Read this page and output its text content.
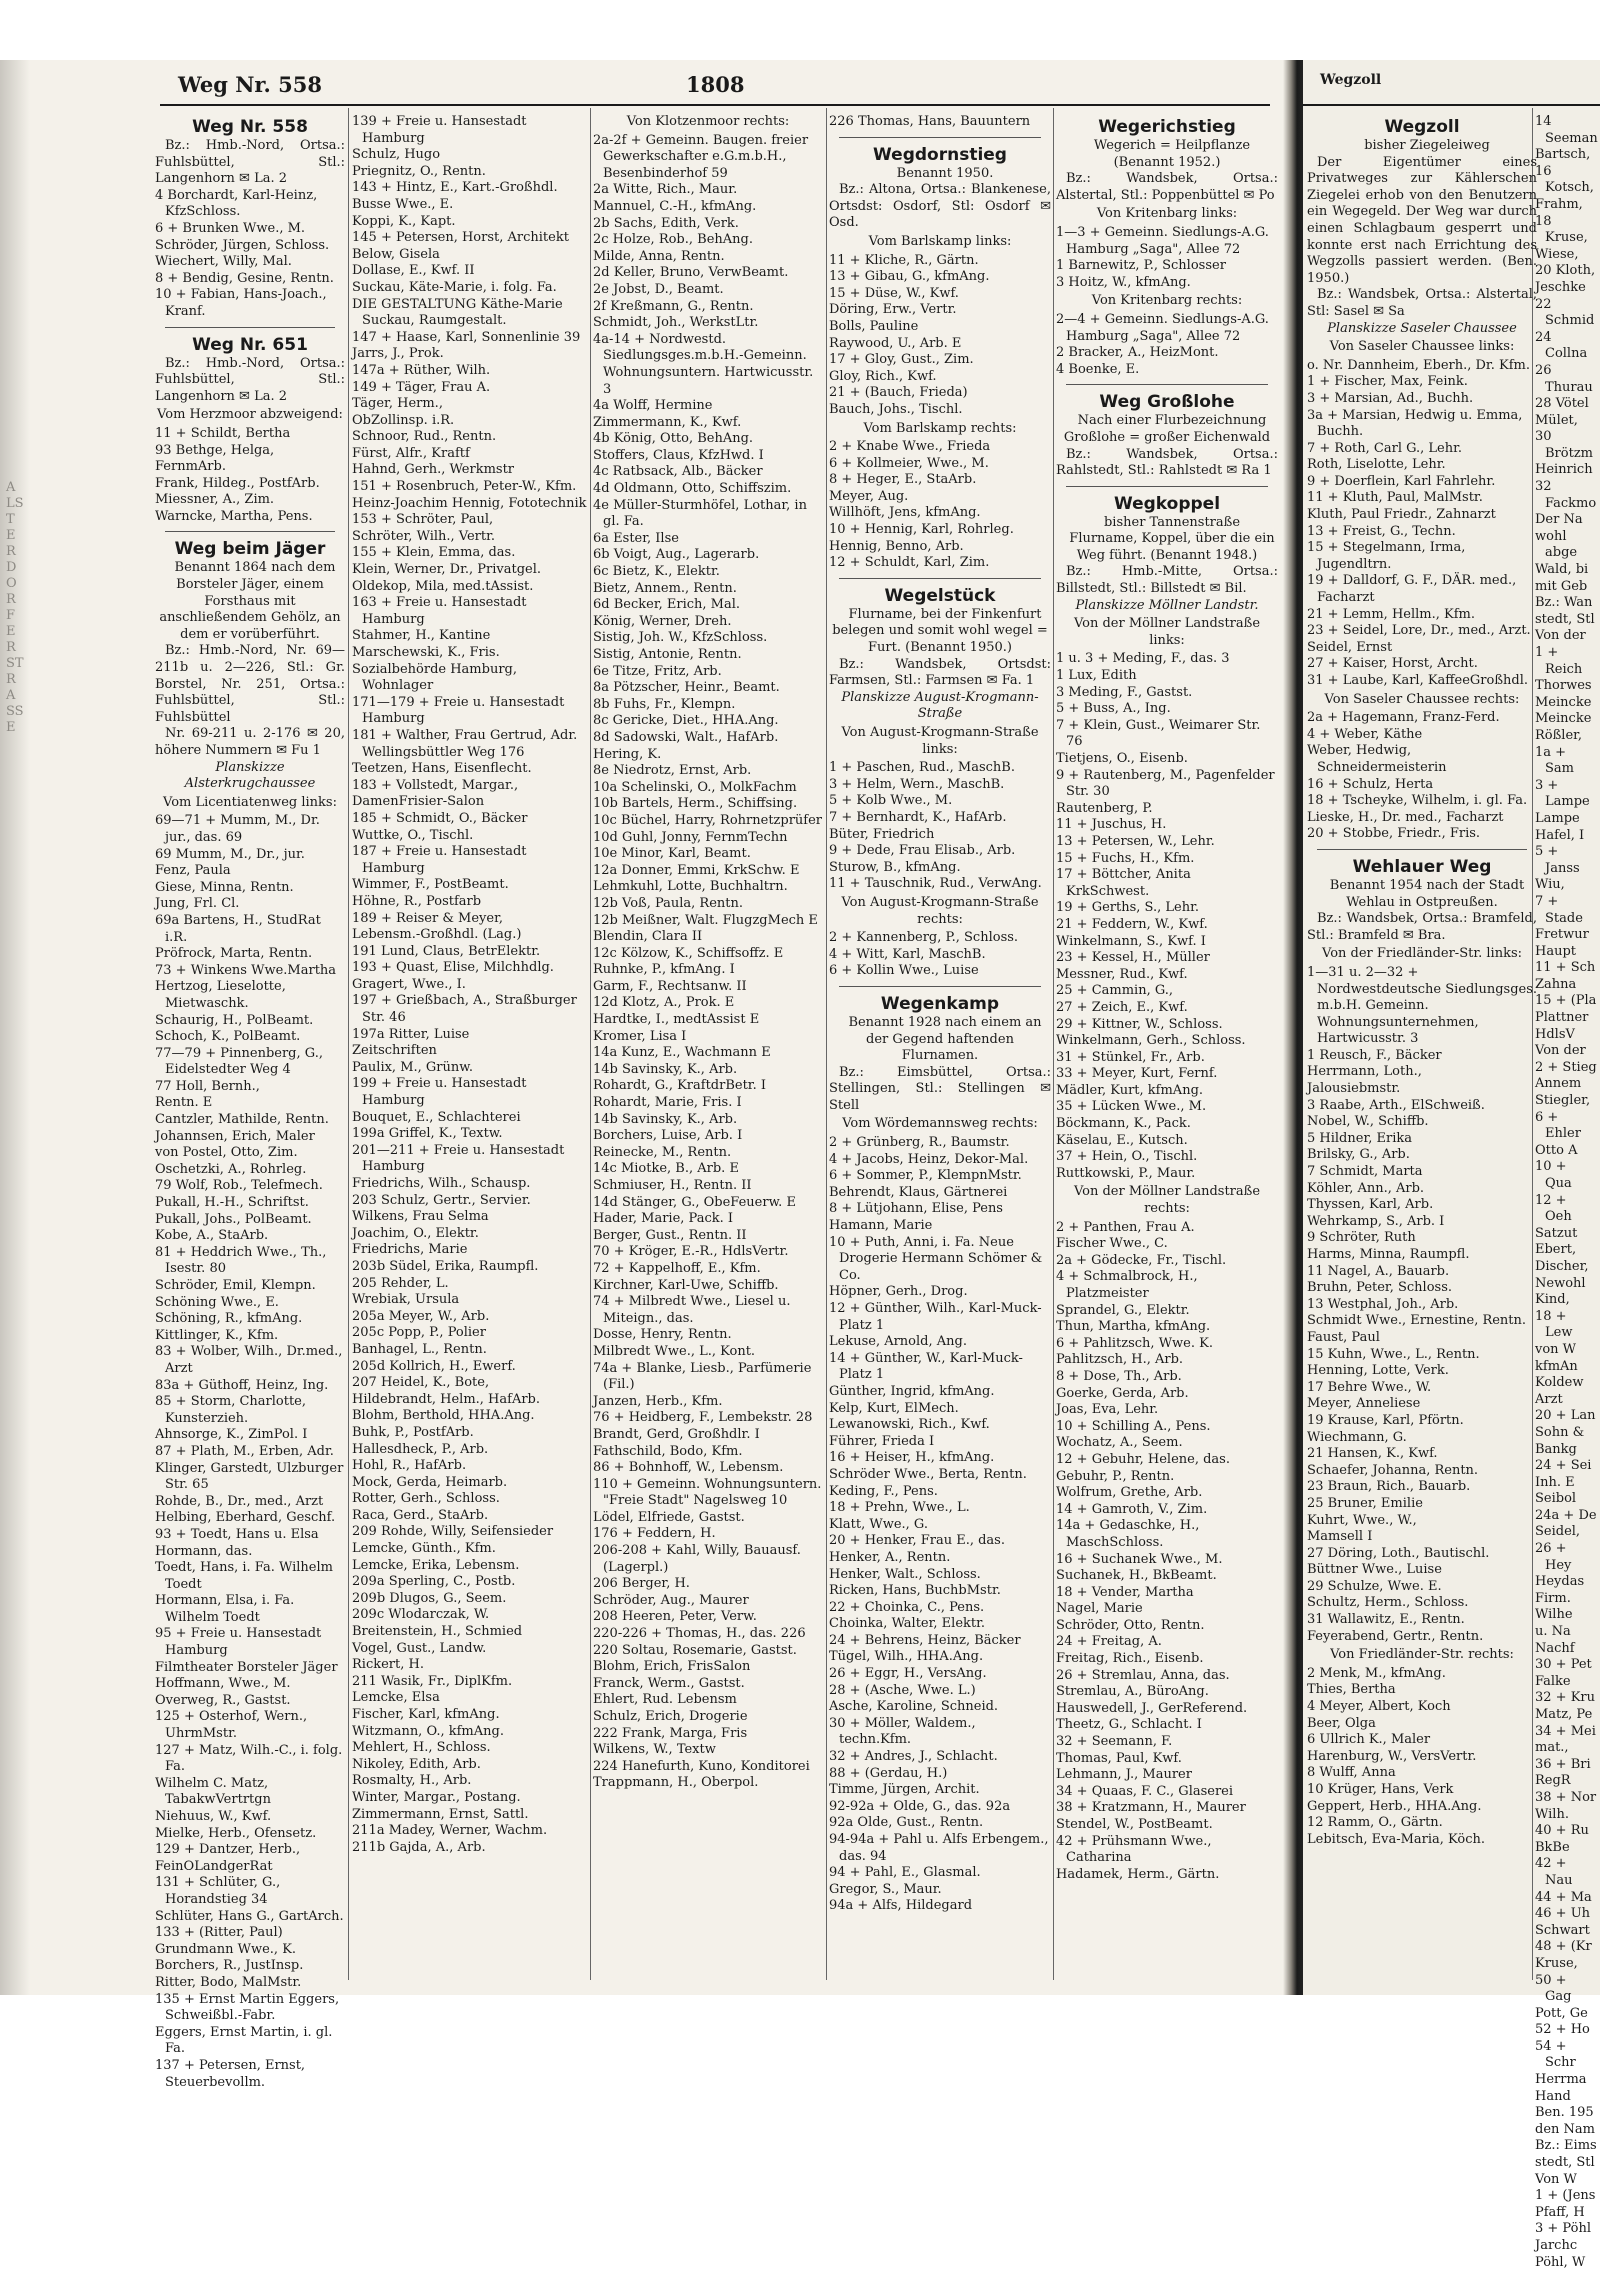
ALSTERDORFERSTRASSE
Weg Nr. 558	1808	Wegzoll
Weg Nr. 558
Bz.: Hmb.-Nord, Ortsa.: Fuhlsbüttel, Stl.: Langenhorn ✉ La. 2
4 Borchardt, Karl-Heinz, KfzSchloss.
6 + Brunken Wwe., M.
Schröder, Jürgen, Schloss.
Wiechert, Willy, Mal.
8 + Bendig, Gesine, Rentn.
10 + Fabian, Hans-Joach., Kranf.
Weg Nr. 651
Bz.: Hmb.-Nord, Ortsa.: Fuhlsbüttel, Stl.: Langenhorn ✉ La. 2
Vom Herzmoor abzweigend:
11 + Schildt, Bertha
93 Bethge, Helga,
FernmArb.
Frank, Hildeg., PostfArb.
Miessner, A., Zim.
Warncke, Martha, Pens.
Weg beim Jäger
Benannt 1864 nach dem Borsteler Jäger, einem Forsthaus mit anschließendem Gehölz, an dem er vorüberführt.
Bz.: Hmb.-Nord, Nr. 69— 211b u. 2—226, Stl.: Gr. Borstel, Nr. 251, Ortsa.: Fuhlsbüttel, Stl.: Fuhlsbüttel
Nr. 69-211 u. 2-176 ✉ 20, höhere Nummern ✉ Fu 1
Planskizze Alsterkrugchaussee
Vom Licentiatenweg links:
69—71 + Mumm, M., Dr. jur., das. 69
69 Mumm, M., Dr., jur.
Fenz, Paula
Giese, Minna, Rentn.
Jung, Frl. Cl.
69a Bartens, H., StudRat i.R.
Pröfrock, Marta, Rentn.
73 + Winkens Wwe.Martha
Hertzog, Lieselotte, Mietwaschk.
Schaurig, H., PolBeamt.
Schoch, K., PolBeamt.
77—79 + Pinnenberg, G., Eidelstedter Weg 4
77 Holl, Bernh.,
Rentn. E
Cantzler, Mathilde, Rentn.
Johannsen, Erich, Maler
von Postel, Otto, Zim.
Oschetzki, A., Rohrleg.
79 Wolf, Rob., Telefmech.
Pukall, H.-H., Schriftst.
Pukall, Johs., PolBeamt.
Kobe, A., StaArb.
81 + Heddrich Wwe., Th., Isestr. 80
Schröder, Emil, Klempn.
Schöning Wwe., E.
Schöning, R., kfmAng.
Kittlinger, K., Kfm.
83 + Wolber, Wilh., Dr.med., Arzt
83a + Güthoff, Heinz, Ing.
85 + Storm, Charlotte, Kunsterzieh.
Ahnsorge, K., ZimPol. I
87 + Plath, M., Erben, Adr.
Klinger, Garstedt, Ulzburger Str. 65
Rohde, B., Dr., med., Arzt
Helbing, Eberhard, Geschf.
93 + Toedt, Hans u. Elsa
Hormann, das.
Toedt, Hans, i. Fa. Wilhelm Toedt
Hormann, Elsa, i. Fa. Wilhelm Toedt
95 + Freie u. Hansestadt Hamburg
Filmtheater Borsteler Jäger
Hoffmann, Wwe., M.
Overweg, R., Gastst.
125 + Osterhof, Wern., UhrmMstr.
127 + Matz, Wilh.-C., i. folg. Fa.
Wilhelm C. Matz, TabakwVertrtgn
Niehuus, W., Kwf.
Mielke, Herb., Ofensetz.
129 + Dantzer, Herb.,
FeinOLandgerRat
131 + Schlüter, G., Horandstieg 34
Schlüter, Hans G., GartArch.
133 + (Ritter, Paul)
Grundmann Wwe., K.
Borchers, R., JustInsp.
Ritter, Bodo, MalMstr.
135 + Ernst Martin Eggers, Schweißbl.-Fabr.
Eggers, Ernst Martin, i. gl. Fa.
137 + Petersen, Ernst, Steuerbevollm.
139 + Freie u. Hansestadt Hamburg
Schulz, Hugo
Priegnitz, O., Rentn.
143 + Hintz, E., Kart.-Großhdl.
Busse Wwe., E.
Koppi, K., Kapt.
145 + Petersen, Horst, Architekt
Below, Gisela
Dollase, E., Kwf. II
Suckau, Käte-Marie, i. folg. Fa.
DIE GESTALTUNG Käthe-Marie Suckau, Raumgestalt.
147 + Haase, Karl, Sonnenlinie 39
Jarrs, J., Prok.
147a + Rüther, Wilh.
149 + Täger, Frau A.
Täger, Herm.,
ObZollinsp. i.R.
Schnoor, Rud., Rentn.
Fürst, Alfr., Kraftf
Hahnd, Gerh., Werkmstr
151 + Rosenbruch, Peter-W., Kfm.
Heinz-Joachim Hennig, Fototechnik
153 + Schröter, Paul,
Schröter, Wilh., Vertr.
155 + Klein, Emma, das.
Klein, Werner, Dr., Privatgel.
Oldekop, Mila, med.tAssist.
163 + Freie u. Hansestadt Hamburg
Stahmer, H., Kantine
Marschewski, K., Fris.
Sozialbehörde Hamburg, Wohnlager
171—179 + Freie u. Hansestadt Hamburg
181 + Walther, Frau Gertrud, Adr. Wellingsbüttler Weg 176
Teetzen, Hans, Eisenflecht.
183 + Vollstedt, Margar.,
DamenFrisier-Salon
185 + Schmidt, O., Bäcker
Wuttke, O., Tischl.
187 + Freie u. Hansestadt Hamburg
Wimmer, F., PostBeamt.
Höhne, R., Postfarb
189 + Reiser & Meyer,
Lebensm.-Großhdl. (Lag.)
191 Lund, Claus, BetrElektr.
193 + Quast, Elise, Milchhdlg.
Gragert, Wwe., I.
197 + Grießbach, A., Straßburger Str. 46
197a Ritter, Luise
Zeitschriften
Paulix, M., Grünw.
199 + Freie u. Hansestadt Hamburg
Bouquet, E., Schlachterei
199a Griffel, K., Textw.
201—211 + Freie u. Hansestadt Hamburg
Friedrichs, Wilh., Schausp.
203 Schulz, Gertr., Servier.
Wilkens, Frau Selma
Joachim, O., Elektr.
Friedrichs, Marie
203b Südel, Erika, Raumpfl.
205 Rehder, L.
Wrebiak, Ursula
205a Meyer, W., Arb.
205c Popp, P., Polier
Banhagel, L., Rentn.
205d Kollrich, H., Ewerf.
207 Heidel, K., Bote,
Hildebrandt, Helm., HafArb.
Blohm, Berthold, HHA.Ang.
Buhk, P., PostfArb.
Hallesdheck, P., Arb.
Hohl, R., HafArb.
Mock, Gerda, Heimarb.
Rotter, Gerh., Schloss.
Raca, Gerd., StaArb.
209 Rohde, Willy, Seifensieder
Lemcke, Günth., Kfm.
Lemcke, Erika, Lebensm.
209a Sperling, C., Postb.
209b Dlugos, G., Seem.
209c Wlodarczak, W.
Breitenstein, H., Schmied
Vogel, Gust., Landw.
Rickert, H.
211 Wasik, Fr., DiplKfm.
Lemcke, Elsa
Fischer, Karl, kfmAng.
Witzmann, O., kfmAng.
Mehlert, H., Schloss.
Nikoley, Edith, Arb.
Rosmalty, H., Arb.
Winter, Margar., Postang.
Zimmermann, Ernst, Sattl.
211a Madey, Werner, Wachm.
211b Gajda, A., Arb.
Von Klotzenmoor rechts:
2a-2f + Gemeinn. Baugen. freier Gewerkschafter e.G.m.b.H., Besenbinderhof 59
2a Witte, Rich., Maur.
Mannuel, C.-H., kfmAng.
2b Sachs, Edith, Verk.
2c Holze, Rob., BehAng.
Milde, Anna, Rentn.
2d Keller, Bruno, VerwBeamt.
2e Jobst, D., Beamt.
2f Kreßmann, G., Rentn.
Schmidt, Joh., WerkstLtr.
4a-14 + Nordwestd. Siedlungsges.m.b.H.-Gemeinn. Wohnungsuntern. Hartwicusstr. 3
4a Wolff, Hermine
Zimmermann, K., Kwf.
4b König, Otto, BehAng.
Stoffers, Claus, KfzHwd. I
4c Ratbsack, Alb., Bäcker
4d Oldmann, Otto, Schiffszim.
4e Müller-Sturmhöfel, Lothar, in gl. Fa.
6a Ester, Ilse
6b Voigt, Aug., Lagerarb.
6c Bietz, K., Elektr.
Bietz, Annem., Rentn.
6d Becker, Erich, Mal.
König, Werner, Dreh.
Sistig, Joh. W., KfzSchloss.
Sistig, Antonie, Rentn.
6e Titze, Fritz, Arb.
8a Pötzscher, Heinr., Beamt.
8b Fuhs, Fr., Klempn.
8c Gericke, Diet., HHA.Ang.
8d Sadowski, Walt., HafArb.
Hering, K.
8e Niedrotz, Ernst, Arb.
10a Schelinski, O., MolkFachm
10b Bartels, Herm., Schiffsing.
10c Büchel, Harry, Rohrnetzprüfer
10d Guhl, Jonny, FernmTechn
10e Minor, Karl, Beamt.
12a Donner, Emmi, KrkSchw. E
Lehmkuhl, Lotte, Buchhaltrn.
12b Voß, Paula, Rentn.
12b Meißner, Walt. FlugzgMech E
Blendin, Clara II
12c Kölzow, K., Schiffsoffz. E
Ruhnke, P., kfmAng. I
Garm, F., Rechtsanw. II
12d Klotz, A., Prok. E
Hardtke, I., medtAssist E
Kromer, Lisa I
14a Kunz, E., Wachmann E
14b Savinsky, K., Arb.
Rohardt, G., KraftdrBetr. I
Rohardt, Marie, Fris. I
14b Savinsky, K., Arb.
Borchers, Luise, Arb. I
Reinecke, M., Rentn.
14c Miotke, B., Arb. E
Schmiuser, H., Rentn. II
14d Stänger, G., ObeFeuerw. E
Hader, Marie, Pack. I
Berger, Gust., Rentn. II
70 + Kröger, E.-R., HdlsVertr.
72 + Kappelhoff, E., Kfm.
Kirchner, Karl-Uwe, Schiffb.
74 + Milbredt Wwe., Liesel u. Miteign., das.
Dosse, Henry, Rentn.
Milbredt Wwe., L., Kont.
74a + Blanke, Liesb., Parfümerie (Fil.)
Janzen, Herb., Kfm.
76 + Heidberg, F., Lembekstr. 28
Brandt, Gerd, Großhdlr. I
Fathschild, Bodo, Kfm.
86 + Bohnhoff, W., Lebensm.
110 + Gemeinn. Wohnungsuntern. "Freie Stadt" Nagelsweg 10
Lödel, Elfriede, Gastst.
176 + Feddern, H.
206-208 + Kahl, Willy, Bauausf. (Lagerpl.)
206 Berger, H.
Schröder, Aug., Maurer
208 Heeren, Peter, Verw.
220-226 + Thomas, H., das. 226
220 Soltau, Rosemarie, Gastst.
Blohm, Erich, FrisSalon
Franck, Werm., Gastst.
Ehlert, Rud. Lebensm
Schulz, Erich, Drogerie
222 Frank, Marga, Fris
Wilkens, W., Textw
224 Hanefurth, Kuno, Konditorei
Trappmann, H., Oberpol.
226 Thomas, Hans, Bauuntern
Wegdornstieg
Benannt 1950.
Bz.: Altona, Ortsa.: Blankenese, Ortsdst: Osdorf, Stl: Osdorf ✉ Osd.
Vom Barlskamp links:
11 + Kliche, R., Gärtn.
13 + Gibau, G., kfmAng.
15 + Düse, W., Kwf.
Döring, Erw., Vertr.
Bolls, Pauline
Raywood, U., Arb. E
17 + Gloy, Gust., Zim.
Gloy, Rich., Kwf.
21 + (Bauch, Frieda)
Bauch, Johs., Tischl.
Vom Barlskamp rechts:
2 + Knabe Wwe., Frieda
6 + Kollmeier, Wwe., M.
8 + Heger, E., StaArb.
Meyer, Aug.
Willhöft, Jens, kfmAng.
10 + Hennig, Karl, Rohrleg.
Hennig, Benno, Arb.
12 + Schuldt, Karl, Zim.
Wegelstück
Flurname, bei der Finkenfurt belegen und somit wohl wegel = Furt. (Benannt 1950.)
Bz.: Wandsbek, Ortsdst: Farmsen, Stl.: Farmsen ✉ Fa. 1
Planskizze August-Krogmann-Straße
Von August-Krogmann-Straße links:
1 + Paschen, Rud., MaschB.
3 + Helm, Wern., MaschB.
5 + Kolb Wwe., M.
7 + Bernhardt, K., HafArb.
Büter, Friedrich
9 + Dede, Frau Elisab., Arb.
Sturow, B., kfmAng.
11 + Tauschnik, Rud., VerwAng.
Von August-Krogmann-Straße rechts:
2 + Kannenberg, P., Schloss.
4 + Witt, Karl, MaschB.
6 + Kollin Wwe., Luise
Wegenkamp
Benannt 1928 nach einem an der Gegend haftenden Flurnamen.
Bz.: Eimsbüttel, Ortsa.: Stellingen, Stl.: Stellingen ✉ Stell
Vom Wördemannsweg rechts:
2 + Grünberg, R., Baumstr.
4 + Jacobs, Heinz, Dekor-Mal.
6 + Sommer, P., KlempnMstr.
Behrendt, Klaus, Gärtnerei
8 + Lütjohann, Elise, Pens
Hamann, Marie
10 + Puth, Anni, i. Fa. Neue Drogerie Hermann Schömer & Co.
Höpner, Gerh., Drog.
12 + Günther, Wilh., Karl-Muck-Platz 1
Lekuse, Arnold, Ang.
14 + Günther, W., Karl-Muck-Platz 1
Günther, Ingrid, kfmAng.
Kelp, Kurt, ElMech.
Lewanowski, Rich., Kwf.
Führer, Frieda I
16 + Heiser, H., kfmAng.
Schröder Wwe., Berta, Rentn.
Keding, F., Pens.
18 + Prehn, Wwe., L.
Klatt, Wwe., G.
20 + Henker, Frau E., das.
Henker, A., Rentn.
Henker, Walt., Schloss.
Ricken, Hans, BuchbMstr.
22 + Choinka, C., Pens.
Choinka, Walter, Elektr.
24 + Behrens, Heinz, Bäcker
Tügel, Wilh., HHA.Ang.
26 + Eggr, H., VersAng.
28 + (Asche, Wwe. L.)
Asche, Karoline, Schneid.
30 + Möller, Waldem., techn.Kfm.
32 + Andres, J., Schlacht.
88 + (Gerdau, H.)
Timme, Jürgen, Archit.
92-92a + Olde, G., das. 92a
92a Olde, Gust., Rentn.
94-94a + Pahl u. Alfs Erbengem., das. 94
94 + Pahl, E., Glasmal.
Gregor, S., Maur.
94a + Alfs, Hildegard
Wegerichstieg
Wegerich = Heilpflanze (Benannt 1952.)
Bz.: Wandsbek, Ortsa.: Alstertal, Stl.: Poppenbüttel ✉ Po
Von Kritenbarg links:
1—3 + Gemeinn. Siedlungs-A.G. Hamburg „Saga", Allee 72
1 Barnewitz, P., Schlosser
3 Hoitz, W., kfmAng.
Von Kritenbarg rechts:
2—4 + Gemeinn. Siedlungs-A.G. Hamburg „Saga", Allee 72
2 Bracker, A., HeizMont.
4 Boenke, E.
Weg Großlohe
Nach einer Flurbezeichnung Großlohe = großer Eichenwald
Bz.: Wandsbek, Ortsa.: Rahlstedt, Stl.: Rahlstedt ✉ Ra 1
Wegkoppel
bisher Tannenstraße
Flurname, Koppel, über die ein Weg führt. (Benannt 1948.)
Bz.: Hmb.-Mitte, Ortsa.: Billstedt, Stl.: Billstedt ✉ Bil.
Planskizze Möllner Landstr.
Von der Möllner Landstraße links:
1 u. 3 + Meding, F., das. 3
1 Lux, Edith
3 Meding, F., Gastst.
5 + Buss, A., Ing.
7 + Klein, Gust., Weimarer Str. 76
Tietjens, O., Eisenb.
9 + Rautenberg, M., Pagenfelder Str. 30
Rautenberg, P.
11 + Juschus, H.
13 + Petersen, W., Lehr.
15 + Fuchs, H., Kfm.
17 + Böttcher, Anita KrkSchwest.
19 + Gerths, S., Lehr.
21 + Feddern, W., Kwf.
Winkelmann, S., Kwf. I
23 + Kessel, H., Müller
Messner, Rud., Kwf.
25 + Cammin, G.,
27 + Zeich, E., Kwf.
29 + Kittner, W., Schloss.
Winkelmann, Gerh., Schloss.
31 + Stünkel, Fr., Arb.
33 + Meyer, Kurt, Fernf.
Mädler, Kurt, kfmAng.
35 + Lücken Wwe., M.
Böckmann, K., Pack.
Käselau, E., Kutsch.
37 + Hein, O., Tischl.
Ruttkowski, P., Maur.
Von der Möllner Landstraße rechts:
2 + Panthen, Frau A.
Fischer Wwe., C.
2a + Gödecke, Fr., Tischl.
4 + Schmalbrock, H., Platzmeister
Sprandel, G., Elektr.
Thun, Martha, kfmAng.
6 + Pahlitzsch, Wwe. K.
Pahlitzsch, H., Arb.
8 + Dose, Th., Arb.
Goerke, Gerda, Arb.
Joas, Eva, Lehr.
10 + Schilling A., Pens.
Wochatz, A., Seem.
12 + Gebuhr, Helene, das.
Gebuhr, P., Rentn.
Wolfrum, Grethe, Arb.
14 + Gamroth, V., Zim.
14a + Gedaschke, H., MaschSchloss.
16 + Suchanek Wwe., M.
Suchanek, H., BkBeamt.
18 + Vender, Martha
Nagel, Marie
Schröder, Otto, Rentn.
24 + Freitag, A.
Freitag, Rich., Eisenb.
26 + Stremlau, Anna, das.
Stremlau, A., BüroAng.
Hauswedell, J., GerReferend.
Theetz, G., Schlacht. I
32 + Seemann, F.
Thomas, Paul, Kwf.
Lehmann, J., Maurer
34 + Quaas, F. C., Glaserei
38 + Kratzmann, H., Maurer
Stendel, W., PostBeamt.
42 + Prühsmann Wwe., Catharina
Hadamek, Herm., Gärtn.
Wegzoll
bisher Ziegeleiweg
Der Eigentümer eines Privatweges zur Kählerschen Ziegelei erhob von den Benutzern ein Wegegeld. Der Weg war durch einen Schlagbaum gesperrt und konnte erst nach Errichtung des Wegzolls passiert werden. (Ben. 1950.)
Bz.: Wandsbek, Ortsa.: Alstertal, Stl: Sasel ✉ Sa
Planskizze Saseler Chaussee
Von Saseler Chaussee links:
o. Nr. Dannheim, Eberh., Dr. Kfm.
1 + Fischer, Max, Feink.
3 + Marsian, Ad., Buchh.
3a + Marsian, Hedwig u. Emma, Buchh.
7 + Roth, Carl G., Lehr.
Roth, Liselotte, Lehr.
9 + Doerflein, Karl Fahrlehr.
11 + Kluth, Paul, MalMstr.
Kluth, Paul Friedr., Zahnarzt
13 + Freist, G., Techn.
15 + Stegelmann, Irma, Jugendltrn.
19 + Dalldorf, G. F., DÄR. med., Facharzt
21 + Lemm, Hellm., Kfm.
23 + Seidel, Lore, Dr., med., Arzt.
Seidel, Ernst
27 + Kaiser, Horst, Archt.
31 + Laube, Karl, KaffeeGroßhdl.
Von Saseler Chaussee rechts:
2a + Hagemann, Franz-Ferd.
4 + Weber, Käthe
Weber, Hedwig, Schneidermeisterin
16 + Schulz, Herta
18 + Tscheyke, Wilhelm, i. gl. Fa.
Lieske, H., Dr. med., Facharzt
20 + Stobbe, Friedr., Fris.
Wehlauer Weg
Benannt 1954 nach der Stadt Wehlau in Ostpreußen.
Bz.: Wandsbek, Ortsa.: Bramfeld, Stl.: Bramfeld ✉ Bra.
Von der Friedländer-Str. links:
1—31 u. 2—32 + Nordwestdeutsche Siedlungsges. m.b.H. Gemeinn. Wohnungsunternehmen, Hartwicusstr. 3
1 Reusch, F., Bäcker
Herrmann, Loth.,
Jalousiebmstr.
3 Raabe, Arth., ElSchweiß.
Nobel, W., Schiffb.
5 Hildner, Erika
Brilsky, G., Arb.
7 Schmidt, Marta
Köhler, Ann., Arb.
Thyssen, Karl, Arb.
Wehrkamp, S., Arb. I
9 Schröter, Ruth
Harms, Minna, Raumpfl.
11 Nagel, A., Bauarb.
Bruhn, Peter, Schloss.
13 Westphal, Joh., Arb.
Schmidt Wwe., Ernestine, Rentn.
Faust, Paul
15 Kuhn, Wwe., L., Rentn.
Henning, Lotte, Verk.
17 Behre Wwe., W.
Meyer, Anneliese
19 Krause, Karl, Pförtn.
Wiechmann, G.
21 Hansen, K., Kwf.
Schaefer, Johanna, Rentn.
23 Braun, Rich., Bauarb.
25 Bruner, Emilie
Kuhrt, Wwe., W.,
Mamsell I
27 Döring, Loth., Bautischl.
Büttner Wwe., Luise
29 Schulze, Wwe. E.
Schultz, Herm., Schloss.
31 Wallawitz, E., Rentn.
Feyerabend, Gertr., Rentn.
Von Friedländer-Str. rechts:
2 Menk, M., kfmAng.
Thies, Bertha
4 Meyer, Albert, Koch
Beer, Olga
6 Ullrich K., Maler
Harenburg, W., VersVertr.
8 Wulff, Anna
10 Krüger, Hans, Verk
Geppert, Herb., HHA.Ang.
12 Ramm, O., Gärtn.
Lebitsch, Eva-Maria, Köch.
14 Seeman
Bartsch,
16 Kotsch,
Frahm,
18 Kruse,
Wiese,
20 Kloth,
Jeschke
22 Schmid
24 Collna
26 Thurau
28 Vötel
Mület,
30 Brötzm
Heinrich
32 Fackmo
Der Na
wohl abge
Wald, bi
mit Geb
Bz.: Wan
stedt, Stl
Von der
1 + Reich
Thorwes
Meincke
Meincke
Rößler,
1a + Sam
3 + Lampe
Lampe
Hafel, I
5 + Janss
Wiu,
7 + Stade
Fretwur
Haupt
11 + Sch
Zahna
15 + (Pla
Plattner
HdlsV
Von der
2 + Stieg
Annem
Stiegler,
6 + Ehler
Otto A
10 + Qua
12 + Oeh
Satzut
Ebert,
Discher,
Newohl
Kind,
18 + Lew
von W
kfmAn
Koldew
Arzt
20 + Lan
Sohn &
Bankg
24 + Sei
Inh. E
Seibol
24a + De
Seidel,
26 + Hey
Heydas
Firm.
Wilhe
u. Na
Nachf
30 + Pet
Falke
32 + Kru
Matz, Pe
34 + Mei
mat.,
36 + Bri
RegR
38 + Nor
Wilh.
40 + Ru
BkBe
42 + Nau
44 + Ma
46 + Uh
Schwart
48 + (Kr
Kruse,
50 + Gag
Pott, Ge
52 + Ho
54 + Schr
Herrma
Hand
Ben. 195
den Nam
Bz.: Eims
stedt, Stl
Von W
1 + (Jens
Pfaff, H
3 + Pöhl
Jarchc
Pöhl, W
